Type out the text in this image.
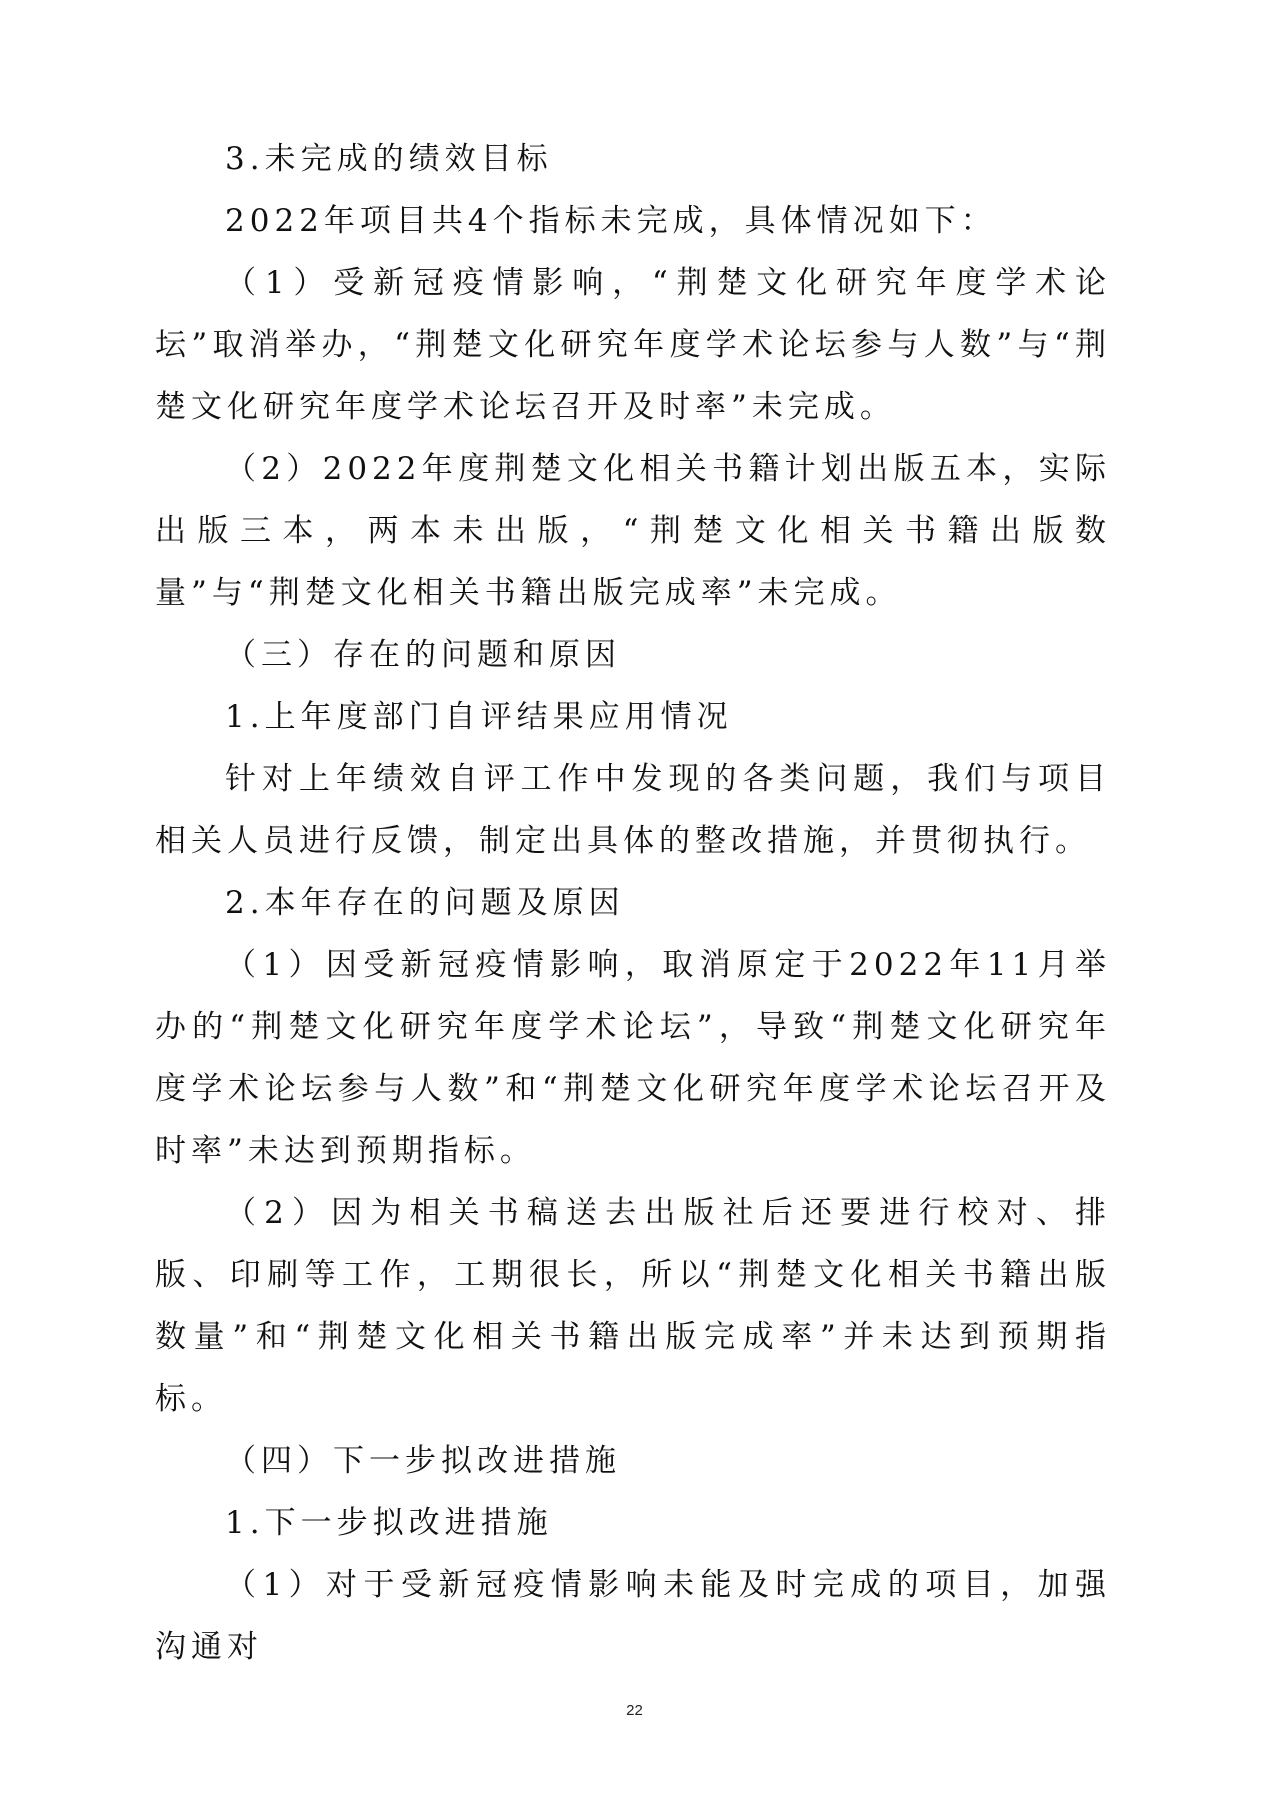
3.未完成的绩效目标

2022年项目共4个指标未完成，具体情况如下：

（1）受新冠疫情影响，“荆楚文化研究年度学术论坛”取消举办，“荆楚文化研究年度学术论坛参与人数”与“荆楚文化研究年度学术论坛召开及时率”未完成。

（2）2022年度荆楚文化相关书籍计划出版五本，实际出版三本，两本未出版，“荆楚文化相关书籍出版数量”与“荆楚文化相关书籍出版完成率”未完成。

（三）存在的问题和原因

1.上年度部门自评结果应用情况

针对上年绩效自评工作中发现的各类问题，我们与项目相关人员进行反馈，制定出具体的整改措施，并贯彻执行。

2.本年存在的问题及原因

（1）因受新冠疫情影响，取消原定于2022年11月举办的“荆楚文化研究年度学术论坛”，导致“荆楚文化研究年度学术论坛参与人数”和“荆楚文化研究年度学术论坛召开及时率”未达到预期指标。

（2）因为相关书稿送去出版社后还要进行校对、排版、印刷等工作，工期很长，所以“荆楚文化相关书籍出版数量”和“荆楚文化相关书籍出版完成率”并未达到预期指标。

（四）下一步拟改进措施

1.下一步拟改进措施

（1）对于受新冠疫情影响未能及时完成的项目，加强沟通对

22
